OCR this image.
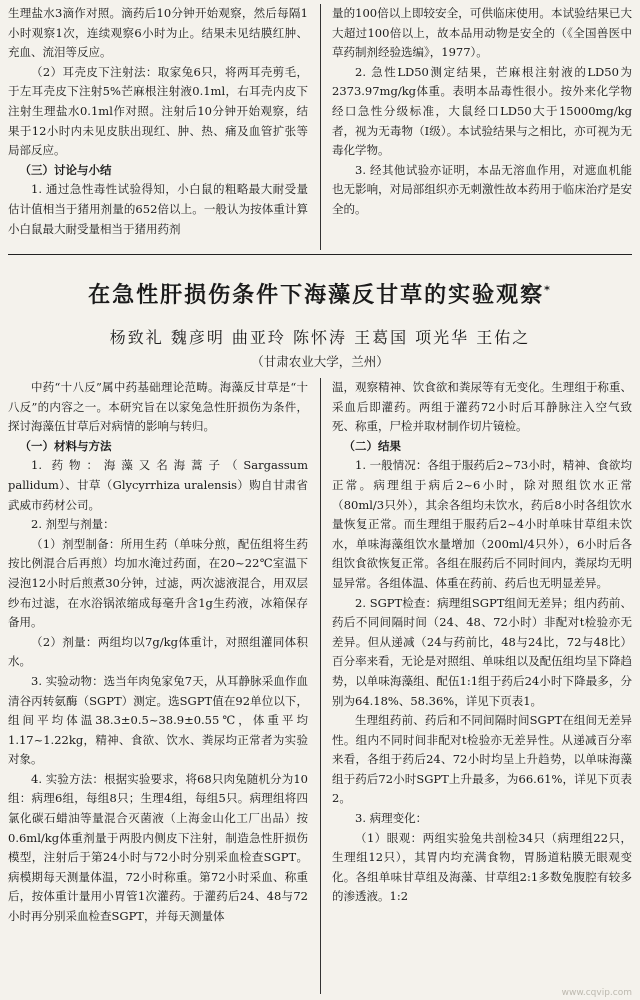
生理盐水3滴作对照。滴药后10分钟开始观察，然后每隔1小时观察1次，连续观察6小时为止。结果未见结膜红肿、充血、流泪等反应。

（2）耳壳皮下注射法：取家兔6只，将两耳壳剪毛，于左耳壳皮下注射5%芒麻根注射液0.1ml，右耳壳内皮下注射生理盐水0.1ml作对照。注射后10分钟开始观察，结果于12小时内未见皮肤出现红、肿、热、痛及血管扩张等局部反应。

（三）讨论与小结

1. 通过急性毒性试验得知，小白鼠的粗略最大耐受量估计值相当于猪用剂量的652倍以上。一般认为按体重计算小白鼠最大耐受量相当于猪用药剂

量的100倍以上即较安全，可供临床使用。本试验结果已大大超过100倍以上，故本品用动物是安全的（《全国兽医中草药制剂经验选编》，1977）。

2. 急性LD50测定结果，芒麻根注射液的LD50为2373.97mg/kg体重。表明本品毒性很小。按外来化学物经口急性分级标准，大鼠经口LD50大于15000mg/kg者，视为无毒物（Ⅰ级）。本试验结果与之相比，亦可视为无毒化学物。

3. 经其他试验亦证明，本品无溶血作用，对遮血机能也无影响，对局部组织亦无刺激性故本药用于临床治疗是安全的。

在急性肝损伤条件下海藻反甘草的实验观察*
杨致礼 魏彦明 曲亚玲 陈怀涛 王葛国 项光华 王佑之
（甘肃农业大学，兰州）

中药“十八反”属中药基础理论范畴。海藻反甘草是“十八反”的内容之一。本研究旨在以家兔急性肝损伤为条件，探讨海藻伍甘草后对病情的影响与转归。

（一）材料与方法

1. 药物：海藻又名海蒿子（Sargassum pallidum）、甘草（Glycyrrhiza uralensis）购自甘肃省武威市药材公司。

2. 剂型与剂量：

（1）剂型制备：所用生药（单味分煎，配伍组将生药按比例混合后再煎）均加水淹过药面，在20~22℃室温下浸泡12小时后煎煮30分钟，过滤，两次滤液混合，用双层纱布过滤，在水浴锅浓缩成每毫升含1g生药液，冰箱保存备用。

（2）剂量：两组均以7g/kg体重计，对照组灌同体积水。

3. 实验动物：选当年肉兔家兔7天，从耳静脉采血作血清谷丙转氨酶（SGPT）测定。选SGPT值在92单位以下，组间平均体温38.3±0.5~38.9±0.55℃，体重平均1.17~1.22kg，精神、食欲、饮水、粪尿均正常者为实验对象。

4. 实验方法：根据实验要求，将68只肉兔随机分为10组：病理6组，每组8只；生理4组，每组5只。病理组将四氯化碳石蜡油等量混合灭菌液（上海金山化工厂出品）按0.6ml/kg体重剂量于两股内侧皮下注射，制造急性肝损伤模型，注射后于第24小时与72小时分别采血检查SGPT。病模期每天测量体温，72小时称重。第72小时采血、称重后，按体重计量用小胃管1次灌药。于灌药后24、48与72小时再分别采血检查SGPT，并每天测量体

温，观察精神、饮食欲和粪尿等有无变化。生理组于称重、采血后即灌药。两组于灌药72小时后耳静脉注入空气致死、称重，尸检并取材制作切片镜检。

（二）结果

1. 一般情况：各组于服药后2~73小时，精神、食欲均正常。病理组于病后2~6小时，除对照组饮水正常（80ml/3只外），其余各组均未饮水，药后8小时各组饮水量恢复正常。而生理组于服药后2~4小时单味甘草组未饮水，单味海藻组饮水量增加（200ml/4只外），6小时后各组饮食欲恢复正常。各组在服药后不同时间内，粪尿均无明显异常。各组体温、体重在药前、药后也无明显差异。

2. SGPT检查：病理组SGPT组间无差异；组内药前、药后不同间隔时间（24、48、72小时）非配对t检验亦无差异。但从递减（24与药前比，48与24比，72与48比）百分率来看，无论是对照组、单味组以及配伍组均呈下降趋势，以单味海藻组、配伍1:1组于药后24小时下降最多，分别为64.18%、58.36%，详见下页表1。

生理组药前、药后和不同间隔时间SGPT在组间无差异性。组内不同时间非配对t检验亦无差异性。从递减百分率来看，各组于药后24、72小时均呈上升趋势，以单味海藻组于药后72小时SGPT上升最多，为66.61%，详见下页表2。

3. 病理变化：

（1）眼观：两组实验兔共剖检34只（病理组22只，生理组12只），其胃内均充满食物，胃肠道粘膜无眼观变化。各组单味甘草组及海藻、甘草组2:1多数兔腹腔有较多的渗透液。1:2

www.cqvip.com
